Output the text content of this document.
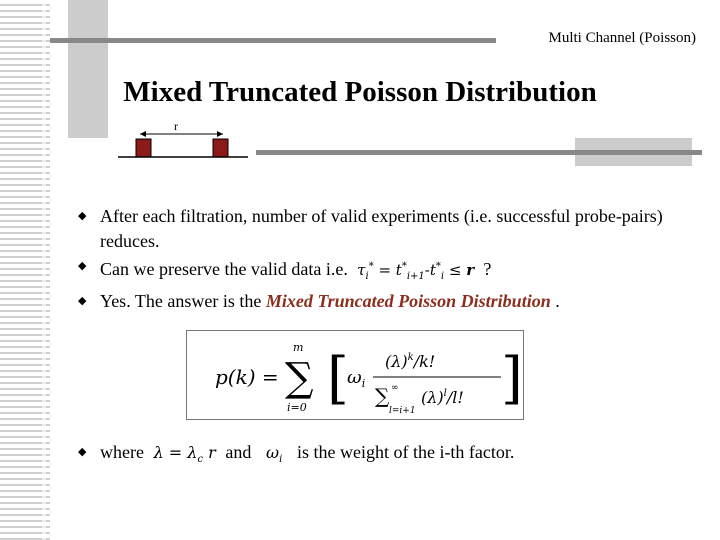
Multi Channel (Poisson)
Mixed Truncated Poisson Distribution
r
◆ After each filtration, number of valid experiments (i.e. successful probe-pairs) reduces.
◆ Can we preserve the valid data i.e.  $\tau_i^* = t^*_{i+1}-t^*_i \le r$ ?
◆ Yes. The answer is the Mixed Truncated Poisson Distribution .
p(k) =
m
∑
i=0 [
$\omega_i$
$(\lambda)^k/k$!
∑ ∞
l=i+1
$(\lambda)^l/l$! ]
◆ where  $\lambda = \lambda_c$ r  and   $\omega_i$ is the weight of the i-th factor.
